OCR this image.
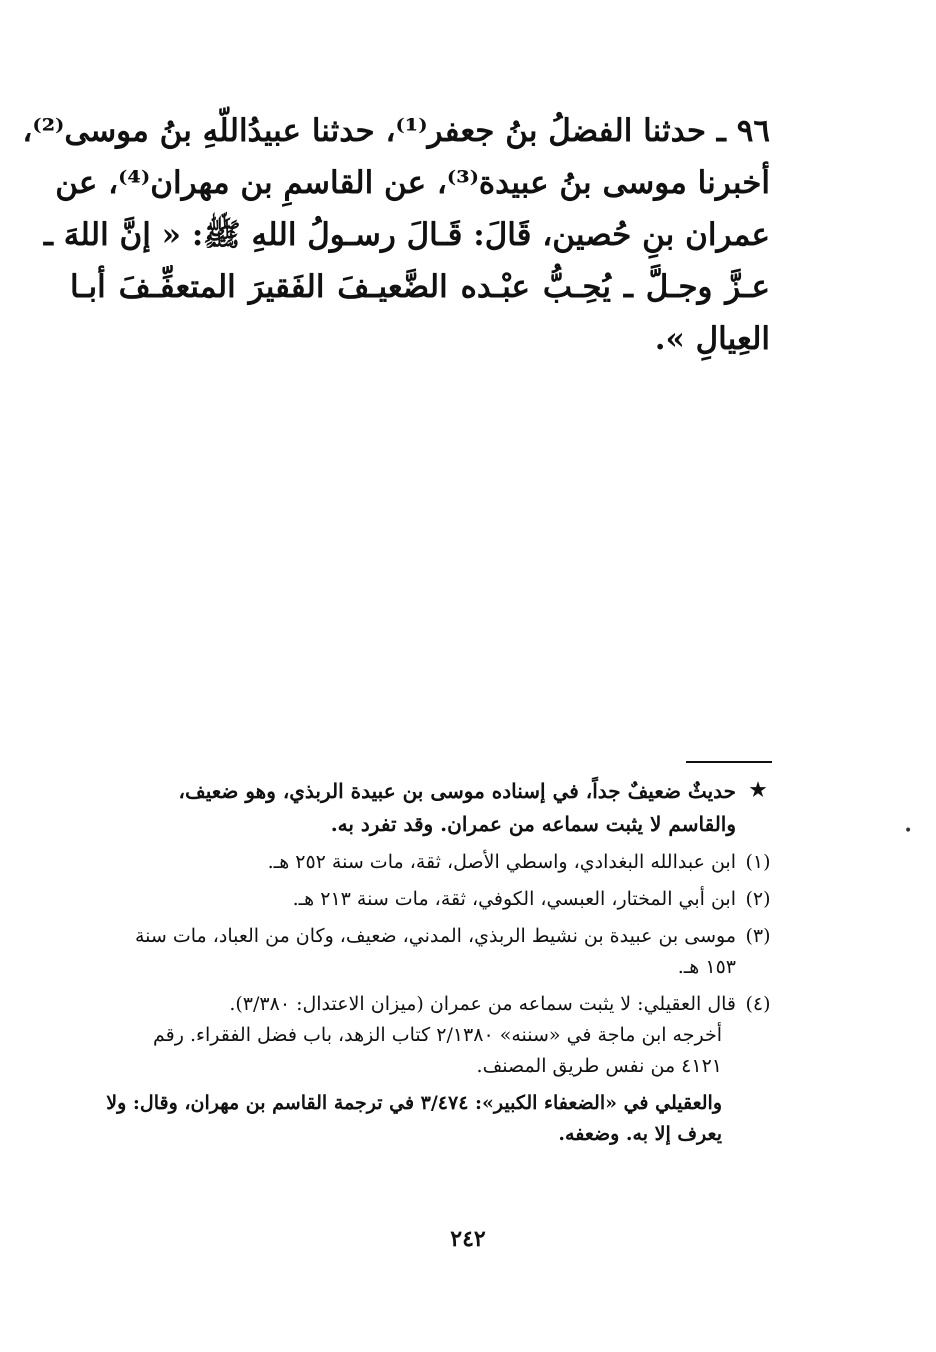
٩٦ ـ حدثنا الفضلُ بنُ جعفر⁽¹⁾، حدثنا عبيدُاللّهِ بنُ موسى⁽²⁾،
أخبرنا موسى بنُ عبيدة⁽³⁾، عن القاسمِ بن مهران⁽⁴⁾، عن
عمران بنِ حُصين، قَالَ: قَـالَ رسـولُ اللهِ ﷺ: « إنَّ اللهَ ـ
عـزَّ وجـلَّ ـ يُحِـبُّ عبْـده الضَّعيـفَ الفَقيرَ المتعفِّـفَ أبـا
العِيالِ ».
★
حديثٌ ضعيفٌ جداً، في إسناده موسى بن عبيدة الربذي، وهو ضعيف،
والقاسم لا يثبت سماعه من عمران. وقد تفرد به.
(١)
ابن عبدالله البغدادي، واسطي الأصل، ثقة، مات سنة ٢٥٢ هـ.
(٢)
ابن أبي المختار، العبسي، الكوفي، ثقة، مات سنة ٢١٣ هـ.
(٣)
موسى بن عبيدة بن نشيط الربذي، المدني، ضعيف، وكان من العباد، مات سنة
١٥٣ هـ.
(٤)
قال العقيلي: لا يثبت سماعه من عمران (ميزان الاعتدال: ٣/٣٨٠).
أخرجه ابن ماجة في «سننه» ٢/١٣٨٠ كتاب الزهد، باب فضل الفقراء. رقم
٤١٢١ من نفس طريق المصنف.
والعقيلي في «الضعفاء الكبير»: ٣/٤٧٤ في ترجمة القاسم بن مهران، وقال: ولا
يعرف إلا به. وضعفه.
•
٢٤٢
